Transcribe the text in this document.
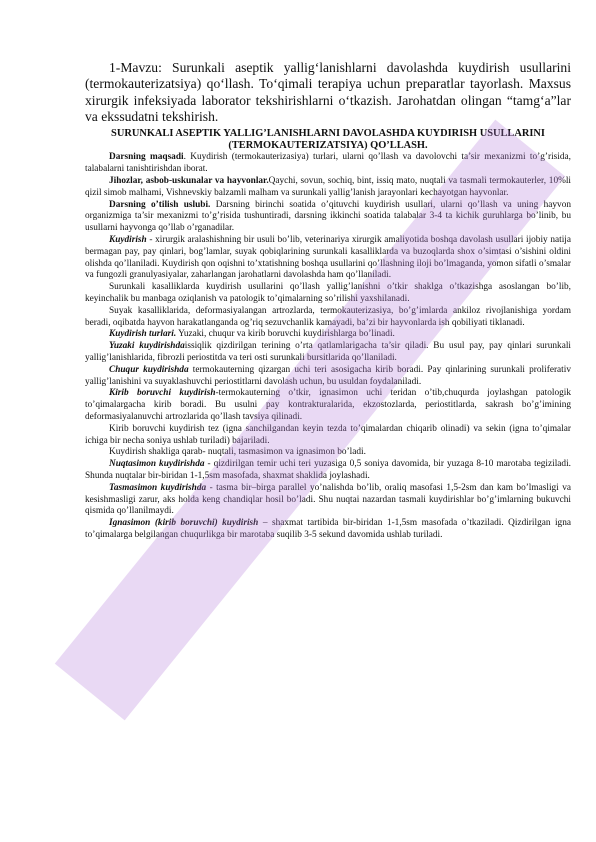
1-Mavzu: Surunkali aseptik yallig‘lanishlarni davolashda kuydirish usullarini (termokauterizatsiya) qo‘llash. To‘qimali terapiya uchun preparatlar tayorlash. Maxsus xirurgik infeksiyada laborator tekshirishlarni o‘tkazish. Jarohatdan olingan “tamg‘a”lar va ekssudatni tekshirish.

SURUNKALI ASEPTIK YALLIG’LANISHLARNI DAVOLASHDA KUYDIRISH USULLARINI (TERMOKAUTERIZATSIYA) QO’LLASH.

Darsning maqsadi. Kuydirish (termokauterizasiya) turlari, ularni qo’llash va davolovchi ta’sir mexanizmi to’g’risida, talabalarni tanishtirishdan iborat.

Jihozlar, asbob-uskunalar va hayvonlar.Qaychi, sovun, sochiq, bint, issiq mato, nuqtali va tasmali termokauterler, 10%li qizil simob malhami, Vishnevskiy balzamli malham va surunkali yallig’lanish jarayonlari kechayotgan hayvonlar.

Darsning o’tilish uslubi. Darsning birinchi soatida o’qituvchi kuydirish usullari, ularni qo’llash va uning hayvon organizmiga ta’sir mexanizmi to’g’risida tushuntiradi, darsning ikkinchi soatida talabalar 3-4 ta kichik guruhlarga bo’linib, bu usullarni hayvonga qo’llab o’rganadilar.

Kuydirish - xirurgik aralashishning bir usuli bo’lib, veterinariya xirurgik amaliyotida boshqa davolash usullari ijobiy natija bermagan pay, pay qinlari, bog’lamlar, suyak qobiqlarining surunkali kasalliklarda va buzoqlarda shox o’simtasi o’sishini oldini olishda qo’llaniladi. Kuydirish qon oqishni to’xtatishning boshqa usullarini qo’llashning iloji bo’lmaganda, yomon sifatli o’smalar va fungozli granulyasiyalar, zaharlangan jarohatlarni davolashda ham qo’llaniladi.

Surunkali kasalliklarda kuydirish usullarini qo’llash yallig’lanishni o’tkir shaklga o’tkazishga asoslangan bo’lib, keyinchalik bu manbaga oziqlanish va patologik to’qimalarning so’rilishi yaxshilanadi.

Suyak kasalliklarida, deformasiyalangan artrozlarda, termokauterizasiya, bo’g’imlarda ankiloz rivojlanishiga yordam beradi, oqibatda hayvon harakatlanganda og’riq sezuvchanlik kamayadi, ba’zi bir hayvonlarda ish qobiliyati tiklanadi.

Kuydirish turlari. Yuzaki, chuqur va kirib boruvchi kuydirishlarga bo’linadi.

Yuzaki kuydirishdaissiqlik qizdirilgan terining o’rta qatlamlarigacha ta’sir qiladi. Bu usul pay, pay qinlari surunkali yallig’lanishlarida, fibrozli periostitda va teri osti surunkali bursitlarida qo’llaniladi.

Chuqur kuydirishda termokauterning qizargan uchi teri asosigacha kirib boradi. Pay qinlarining surunkali proliferativ yallig’lanishini va suyaklashuvchi periostitlarni davolash uchun, bu usuldan foydalaniladi.

Kirib boruvchi kuydirish-termokauterning o’tkir, ignasimon uchi teridan o’tib,chuqurda joylashgan patologik to’qimalargacha kirib boradi. Bu usulni pay kontrakturalarida, ekzostozlarda, periostitlarda, sakrash bo’g’imining deformasiyalanuvchi artrozlarida qo’llash tavsiya qilinadi.

Kirib boruvchi kuydirish tez (igna sanchilgandan keyin tezda to’qimalardan chiqarib olinadi) va sekin (igna to’qimalar ichiga bir necha soniya ushlab turiladi) bajariladi.

Kuydirish shakliga qarab- nuqtali, tasmasimon va ignasimon bo’ladi.

Nuqtasimon kuydirishda - qizdirilgan temir uchi teri yuzasiga 0,5 soniya davomida, bir yuzaga 8-10 marotaba tegiziladi. Shunda nuqtalar bir-biridan 1-1,5sm masofada, shaxmat shaklida joylashadi.

Tasmasimon kuydirishda - tasma bir–birga parallel yo’nalishda bo’lib, oraliq masofasi 1,5-2sm dan kam bo’lmasligi va kesishmasligi zarur, aks holda keng chandiqlar hosil bo’ladi. Shu nuqtai nazardan tasmali kuydirishlar bo’g’imlarning bukuvchi qismida qo’llanilmaydi.

Ignasimon (kirib boruvchi) kuydirish – shaxmat tartibida bir-biridan 1-1,5sm masofada o’tkaziladi. Qizdirilgan igna to’qimalarga belgilangan chuqurlikga bir marotaba suqilib 3-5 sekund davomida ushlab turiladi.
